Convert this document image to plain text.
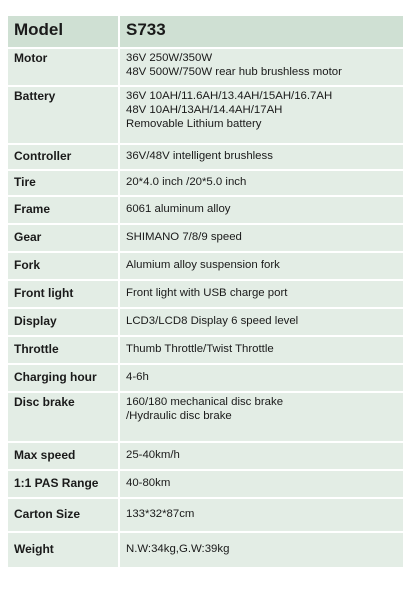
Model	S733
Motor	36V 250W/350W
48V 500W/750W rear hub brushless motor

Battery	36V 10AH/11.6AH/13.4AH/15AH/16.7AH
48V 10AH/13AH/14.4AH/17AH
Removable Lithium battery

Controller	36V/48V intelligent brushless

Tire	20*4.0 inch /20*5.0 inch

Frame	6061 aluminum alloy

Gear	SHIMANO 7/8/9 speed

Fork	Alumium alloy suspension fork

Front light	Front light with USB charge port

Display	LCD3/LCD8 Display 6 speed level

Throttle	Thumb Throttle/Twist Throttle

Charging hour	4-6h

Disc brake	160/180 mechanical disc brake
/Hydraulic disc brake

Max speed	25-40km/h

1:1 PAS Range	40-80km

Carton Size	133*32*87cm

Weight	N.W:34kg,G.W:39kg
